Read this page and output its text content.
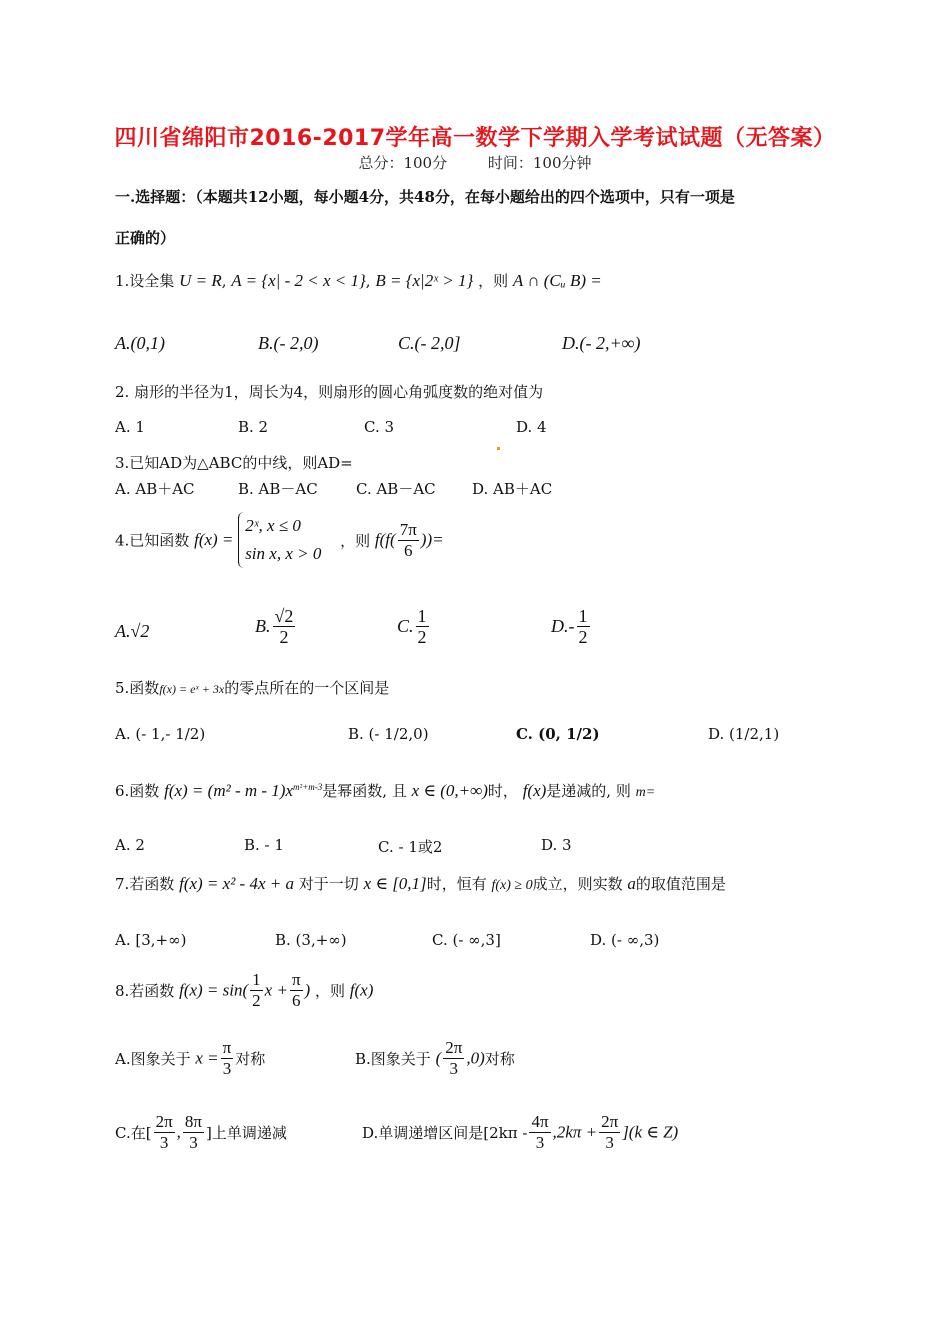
四川省绵阳市2016-2017学年高一数学下学期入学考试试题（无答案）
总分：100分	时间：100分钟
一.选择题：（本题共12小题，每小题4分，共48分，在每小题给出的四个选项中，只有一项是
正确的）
1.设全集 U = R, A = {x| - 2 < x < 1}, B = {x|2ˣ > 1} ，则 A ∩ (Cᵤ B) =
A.(0,1)	B.(- 2,0)	C.(- 2,0]	D.(- 2,+∞)
2. 扇形的半径为1，周长为4，则扇形的圆心角弧度数的绝对值为
A. 1	B. 2	C. 3	D. 4
3.已知AD为△ABC的中线，则AD=
A. AB＋AC	B. AB－AC	C. AB－AC D. AB＋AC
4.已知函数 f(x) =
2ˣ, x ≤ 0
sin x, x > 0
，则 $f(f( \frac{7\pi}{6}$ ))=
A.√2	B. $\frac{√2}{2}$	C. $\frac{1}{2}$	$D.- \frac{1}{2}$
5.函数f(x) = eˣ + 3x的零点所在的一个区间是
A. (- 1,- 1/2)	B. (- 1/2,0)	C. (0, 1/2)	D. (1/2,1)
6.函数 $f(x) = (m^2 - m - 1)x^{m^2+m-3}$是幂函数, 且 x ∈ (0,+∞)时， f(x)是递减的, 则 m=
A. 2	B. - 1	C. - 1或2	D. 3
7.若函数 f(x) = x² - 4x + a 对于一切 x ∈ [0,1]时，恒有 f(x) ≥ 0成立，则实数 a的取值范围是
A. [3,+∞)	B. (3,+∞)	C. (- ∞,3]	D. (- ∞,3)
8.若函数 $f(x) = \sin( \frac{1}{2}$ $x + \frac{\pi}{6}$ ) ，则 f(x)
A.图象关于 $x = \frac{\pi}{3}$ 对称	B.图象关于 ( $\frac{2\pi}{3} ,0$)对称
C.在[ $\frac{2\pi}{3}$ , $\frac{8\pi}{3}$ ]上单调递减	D.单调递增区间是$[2k\pi - \frac{4\pi}{3} ,2k\pi + \frac{2\pi}{3} ](k$ ∈ Z)
